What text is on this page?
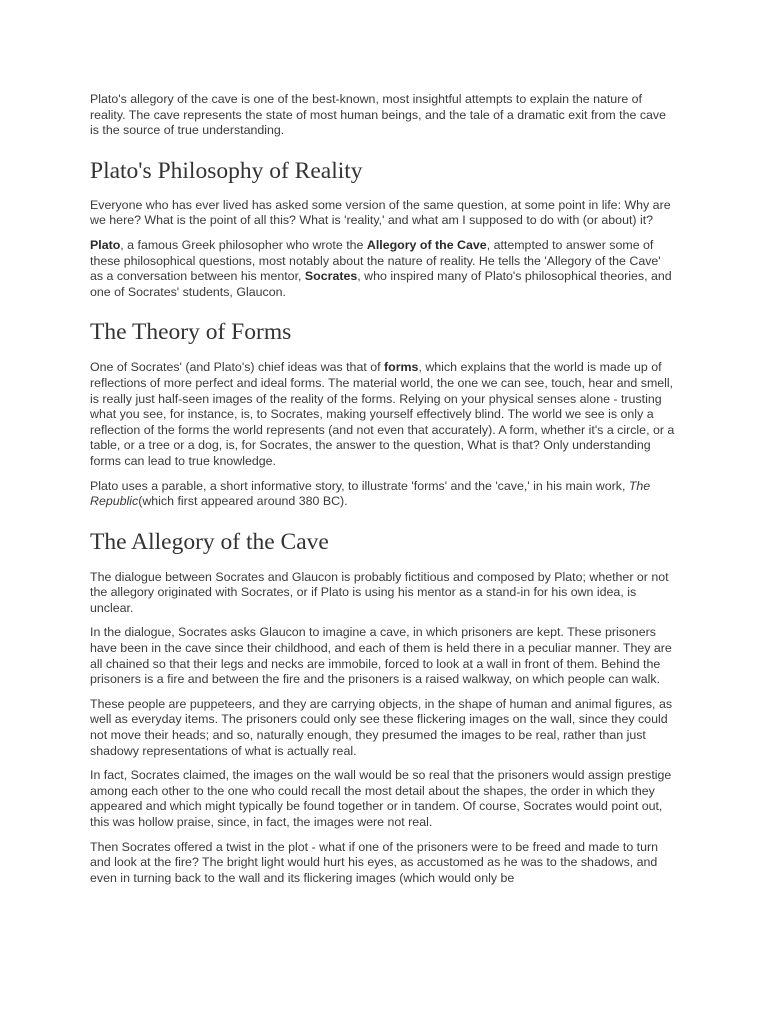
Plato's allegory of the cave is one of the best-known, most insightful attempts to explain the nature of reality. The cave represents the state of most human beings, and the tale of a dramatic exit from the cave is the source of true understanding.

Plato's Philosophy of Reality

Everyone who has ever lived has asked some version of the same question, at some point in life: Why are we here? What is the point of all this? What is 'reality,' and what am I supposed to do with (or about) it?

Plato, a famous Greek philosopher who wrote the Allegory of the Cave, attempted to answer some of these philosophical questions, most notably about the nature of reality. He tells the 'Allegory of the Cave' as a conversation between his mentor, Socrates, who inspired many of Plato's philosophical theories, and one of Socrates' students, Glaucon.

The Theory of Forms

One of Socrates' (and Plato's) chief ideas was that of forms, which explains that the world is made up of reflections of more perfect and ideal forms. The material world, the one we can see, touch, hear and smell, is really just half-seen images of the reality of the forms. Relying on your physical senses alone - trusting what you see, for instance, is, to Socrates, making yourself effectively blind. The world we see is only a reflection of the forms the world represents (and not even that accurately). A form, whether it's a circle, or a table, or a tree or a dog, is, for Socrates, the answer to the question, What is that? Only understanding forms can lead to true knowledge.

Plato uses a parable, a short informative story, to illustrate 'forms' and the 'cave,' in his main work, The Republic(which first appeared around 380 BC).

The Allegory of the Cave

The dialogue between Socrates and Glaucon is probably fictitious and composed by Plato; whether or not the allegory originated with Socrates, or if Plato is using his mentor as a stand-in for his own idea, is unclear.

In the dialogue, Socrates asks Glaucon to imagine a cave, in which prisoners are kept. These prisoners have been in the cave since their childhood, and each of them is held there in a peculiar manner. They are all chained so that their legs and necks are immobile, forced to look at a wall in front of them. Behind the prisoners is a fire and between the fire and the prisoners is a raised walkway, on which people can walk.

These people are puppeteers, and they are carrying objects, in the shape of human and animal figures, as well as everyday items. The prisoners could only see these flickering images on the wall, since they could not move their heads; and so, naturally enough, they presumed the images to be real, rather than just shadowy representations of what is actually real.

In fact, Socrates claimed, the images on the wall would be so real that the prisoners would assign prestige among each other to the one who could recall the most detail about the shapes, the order in which they appeared and which might typically be found together or in tandem. Of course, Socrates would point out, this was hollow praise, since, in fact, the images were not real.

Then Socrates offered a twist in the plot - what if one of the prisoners were to be freed and made to turn and look at the fire? The bright light would hurt his eyes, as accustomed as he was to the shadows, and even in turning back to the wall and its flickering images (which would only be
